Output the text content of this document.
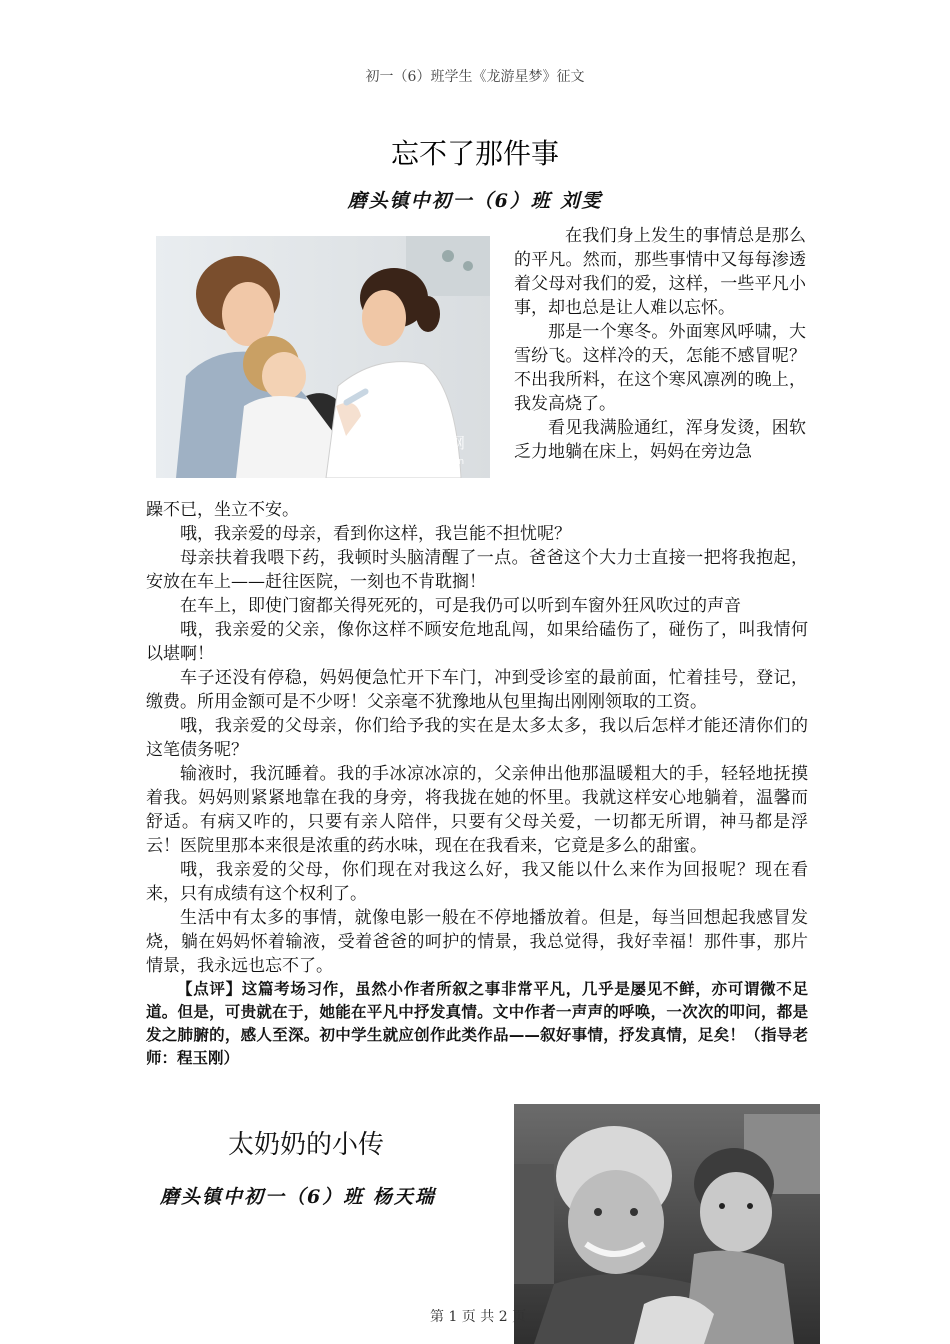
初一（6）班学生《龙游星梦》征文
忘不了那件事
磨头镇中初一（6）班 刘雯
妈妈网
mama.cn

在我们身上发生的事情总是那么的平凡。然而，那些事情中又每每渗透着父母对我们的爱，这样，一些平凡小事，却也总是让人难以忘怀。

那是一个寒冬。外面寒风呼啸，大雪纷飞。这样冷的天，怎能不感冒呢？不出我所料，在这个寒风凛冽的晚上，我发高烧了。

看见我满脸通红，浑身发烫，困软乏力地躺在床上，妈妈在旁边急

躁不已，坐立不安。

哦，我亲爱的母亲，看到你这样，我岂能不担忧呢？

母亲扶着我喂下药，我顿时头脑清醒了一点。爸爸这个大力士直接一把将我抱起，安放在车上——赶往医院，一刻也不肯耽搁！

在车上，即使门窗都关得死死的，可是我仍可以听到车窗外狂风吹过的声音

哦，我亲爱的父亲，像你这样不顾安危地乱闯，如果给磕伤了，碰伤了，叫我情何以堪啊！

车子还没有停稳，妈妈便急忙开下车门，冲到受诊室的最前面，忙着挂号，登记，缴费。所用金额可是不少呀！父亲毫不犹豫地从包里掏出刚刚领取的工资。

哦，我亲爱的父母亲，你们给予我的实在是太多太多，我以后怎样才能还清你们的这笔债务呢？

输液时，我沉睡着。我的手冰凉冰凉的，父亲伸出他那温暖粗大的手，轻轻地抚摸着我。妈妈则紧紧地靠在我的身旁，将我拢在她的怀里。我就这样安心地躺着，温馨而舒适。有病又咋的，只要有亲人陪伴，只要有父母关爱，一切都无所谓，神马都是浮云！医院里那本来很是浓重的药水味，现在在我看来，它竟是多么的甜蜜。

哦，我亲爱的父母，你们现在对我这么好，我又能以什么来作为回报呢？现在看来，只有成绩有这个权利了。

生活中有太多的事情，就像电影一般在不停地播放着。但是，每当回想起我感冒发烧，躺在妈妈怀着输液，受着爸爸的呵护的情景，我总觉得，我好幸福！那件事，那片情景，我永远也忘不了。

【点评】这篇考场习作，虽然小作者所叙之事非常平凡，几乎是屡见不鲜，亦可谓微不足道。但是，可贵就在于，她能在平凡中抒发真情。文中作者一声声的呼唤，一次次的叩问，都是发之肺腑的，感人至深。初中学生就应创作此类作品——叙好事情，抒发真情，足矣！（指导老师：程玉刚）

太奶奶的小传
磨头镇中初一（6）班 杨天瑞
第 1 页 共 2 页
